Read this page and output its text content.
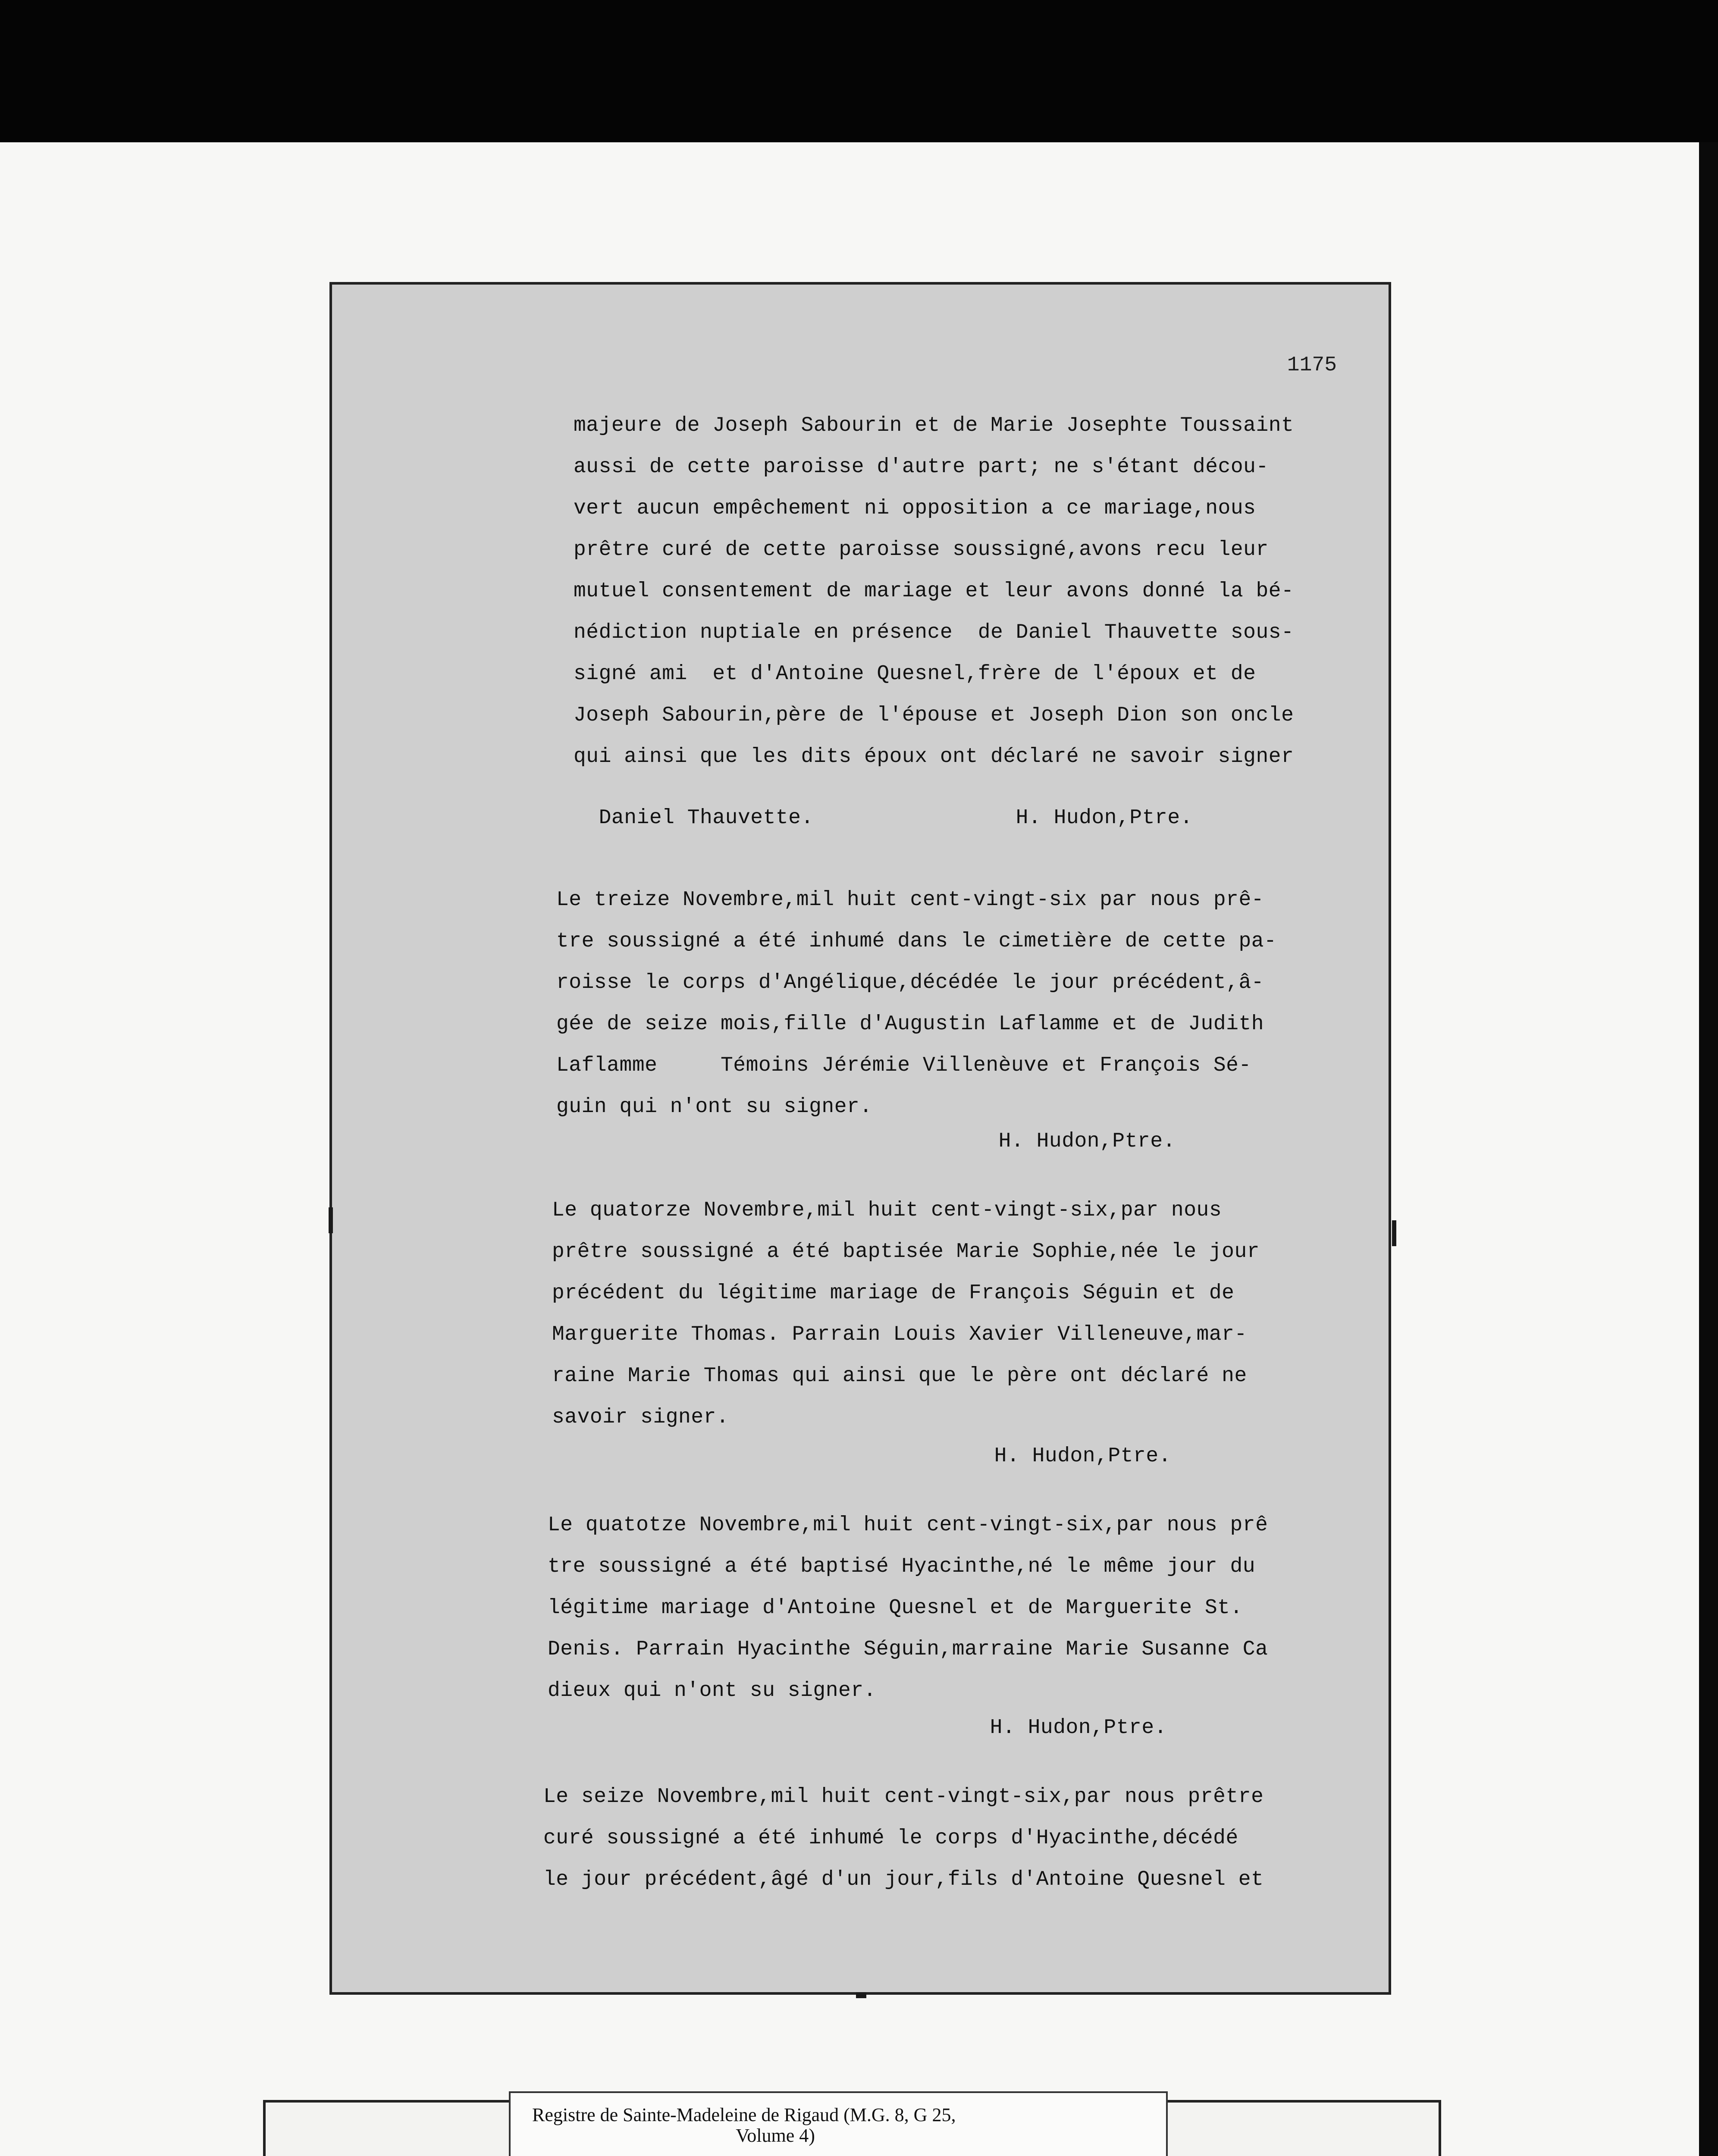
1175
majeure de Joseph Sabourin et de Marie Josephte Toussaint
aussi de cette paroisse d'autre part; ne s'étant décou-
vert aucun empêchement ni opposition a ce mariage,nous
prêtre curé de cette paroisse soussigné,avons recu leur
mutuel consentement de mariage et leur avons donné la bé-
nédiction nuptiale en présence  de Daniel Thauvette sous-
signé ami  et d'Antoine Quesnel,frère de l'époux et de
Joseph Sabourin,père de l'épouse et Joseph Dion son oncle
qui ainsi que les dits époux ont déclaré ne savoir signer
Daniel Thauvette.                H. Hudon,Ptre.
Le treize Novembre,mil huit cent-vingt-six par nous prê-
tre soussigné a été inhumé dans le cimetière de cette pa-
roisse le corps d'Angélique,décédée le jour précédent,â-
gée de seize mois,fille d'Augustin Laflamme et de Judith
Laflamme     Témoins Jérémie Villenèuve et François Sé-
guin qui n'ont su signer.
H. Hudon,Ptre.
Le quatorze Novembre,mil huit cent-vingt-six,par nous
prêtre soussigné a été baptisée Marie Sophie,née le jour
précédent du légitime mariage de François Séguin et de
Marguerite Thomas. Parrain Louis Xavier Villeneuve,mar-
raine Marie Thomas qui ainsi que le père ont déclaré ne
savoir signer.
H. Hudon,Ptre.
Le quatotze Novembre,mil huit cent-vingt-six,par nous prê
tre soussigné a été baptisé Hyacinthe,né le même jour du
légitime mariage d'Antoine Quesnel et de Marguerite St.
Denis. Parrain Hyacinthe Séguin,marraine Marie Susanne Ca
dieux qui n'ont su signer.
H. Hudon,Ptre.
Le seize Novembre,mil huit cent-vingt-six,par nous prêtre
curé soussigné a été inhumé le corps d'Hyacinthe,décédé
le jour précédent,âgé d'un jour,fils d'Antoine Quesnel et
Registre de Sainte-Madeleine de Rigaud (M.G. 8, G 25,
Volume 4)
